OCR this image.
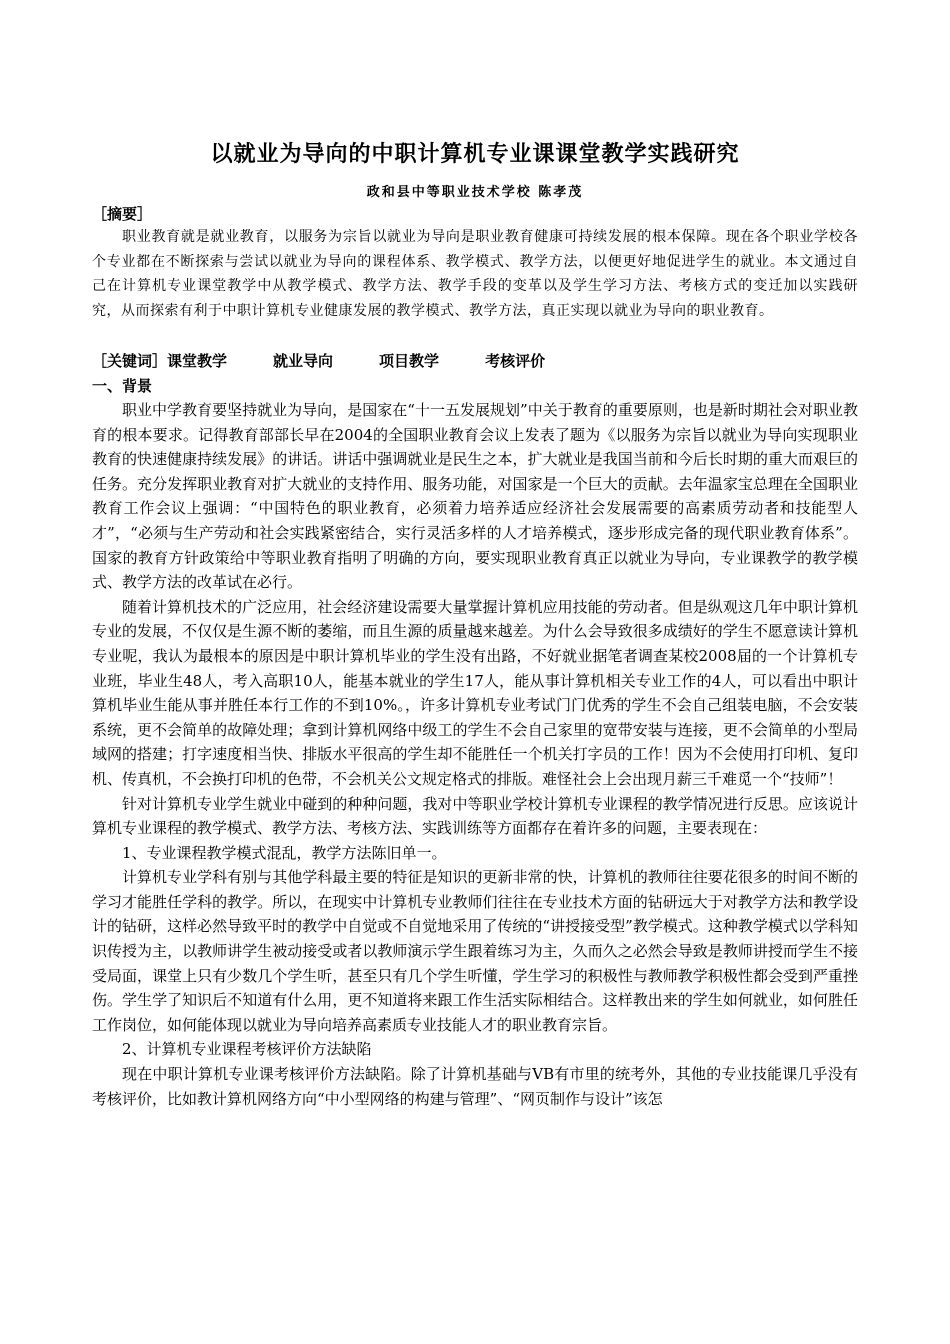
以就业为导向的中职计算机专业课课堂教学实践研究
政和县中等职业技术学校 陈孝茂
［摘要］

职业教育就是就业教育，以服务为宗旨以就业为导向是职业教育健康可持续发展的根本保障。现在各个职业学校各个专业都在不断探索与尝试以就业为导向的课程体系、教学模式、教学方法，以便更好地促进学生的就业。本文通过自己在计算机专业课堂教学中从教学模式、教学方法、教学手段的变革以及学生学习方法、考核方式的变迁加以实践研究，从而探索有利于中职计算机专业健康发展的教学模式、教学方法，真正实现以就业为导向的职业教育。

［关键词］课堂教学	就业导向	项目教学	考核评价
一、背景

职业中学教育要坚持就业为导向，是国家在“十一五发展规划”中关于教育的重要原则，也是新时期社会对职业教育的根本要求。记得教育部部长早在2004的全国职业教育会议上发表了题为《以服务为宗旨以就业为导向实现职业教育的快速健康持续发展》的讲话。讲话中强调就业是民生之本，扩大就业是我国当前和今后长时期的重大而艰巨的任务。充分发挥职业教育对扩大就业的支持作用、服务功能，对国家是一个巨大的贡献。去年温家宝总理在全国职业教育工作会议上强调：“中国特色的职业教育，必须着力培养适应经济社会发展需要的高素质劳动者和技能型人才”，“必须与生产劳动和社会实践紧密结合，实行灵活多样的人才培养模式，逐步形成完备的现代职业教育体系”。国家的教育方针政策给中等职业教育指明了明确的方向，要实现职业教育真正以就业为导向，专业课教学的教学模式、教学方法的改革试在必行。

随着计算机技术的广泛应用，社会经济建设需要大量掌握计算机应用技能的劳动者。但是纵观这几年中职计算机专业的发展，不仅仅是生源不断的萎缩，而且生源的质量越来越差。为什么会导致很多成绩好的学生不愿意读计算机专业呢，我认为最根本的原因是中职计算机毕业的学生没有出路，不好就业据笔者调查某校2008届的一个计算机专业班，毕业生48人，考入高职10人，能基本就业的学生17人，能从事计算机相关专业工作的4人，可以看出中职计算机毕业生能从事并胜任本行工作的不到10%。，许多计算机专业考试门门优秀的学生不会自己组装电脑，不会安装系统，更不会简单的故障处理；拿到计算机网络中级工的学生不会自己家里的宽带安装与连接，更不会简单的小型局域网的搭建；打字速度相当快、排版水平很高的学生却不能胜任一个机关打字员的工作！因为不会使用打印机、复印机、传真机，不会换打印机的色带，不会机关公文规定格式的排版。难怪社会上会出现月薪三千难觅一个“技师”！

针对计算机专业学生就业中碰到的种种问题，我对中等职业学校计算机专业课程的教学情况进行反思。应该说计算机专业课程的教学模式、教学方法、考核方法、实践训练等方面都存在着许多的问题，主要表现在：

1、专业课程教学模式混乱，教学方法陈旧单一。

计算机专业学科有别与其他学科最主要的特征是知识的更新非常的快，计算机的教师往往要花很多的时间不断的学习才能胜任学科的教学。所以，在现实中计算机专业教师们往往在专业技术方面的钻研远大于对教学方法和教学设计的钻研，这样必然导致平时的教学中自觉或不自觉地采用了传统的“讲授接受型”教学模式。这种教学模式以学科知识传授为主，以教师讲学生被动接受或者以教师演示学生跟着练习为主，久而久之必然会导致是教师讲授而学生不接受局面，课堂上只有少数几个学生听，甚至只有几个学生听懂，学生学习的积极性与教师教学积极性都会受到严重挫伤。学生学了知识后不知道有什么用，更不知道将来跟工作生活实际相结合。这样教出来的学生如何就业，如何胜任工作岗位，如何能体现以就业为导向培养高素质专业技能人才的职业教育宗旨。

2、计算机专业课程考核评价方法缺陷

现在中职计算机专业课考核评价方法缺陷。除了计算机基础与VB有市里的统考外，其他的专业技能课几乎没有考核评价，比如教计算机网络方向“中小型网络的构建与管理”、“网页制作与设计”该怎
